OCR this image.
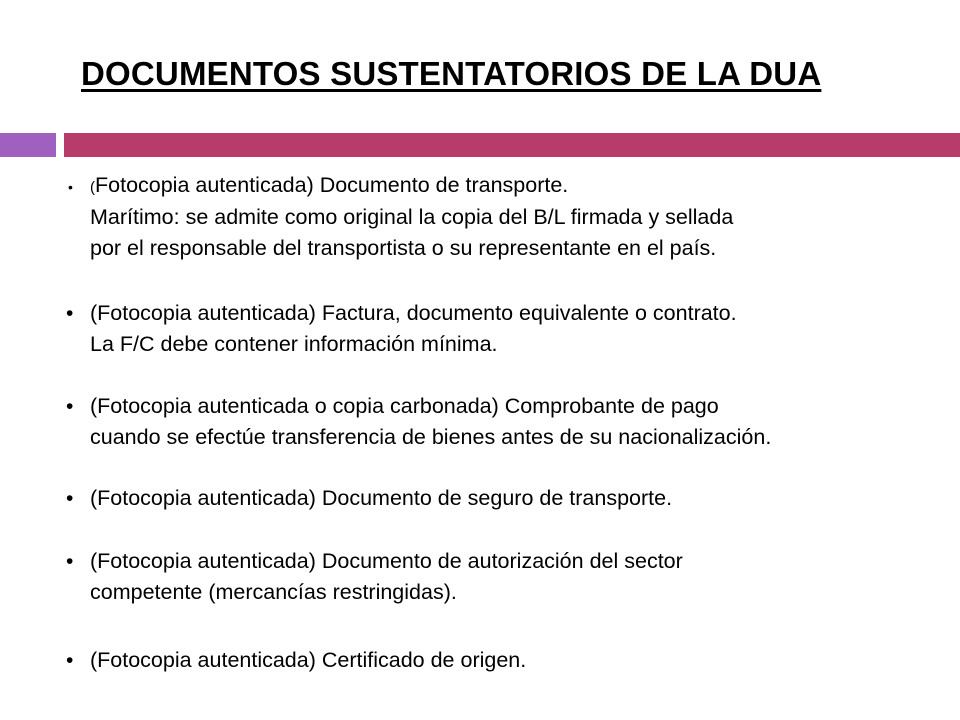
DOCUMENTOS SUSTENTATORIOS DE LA DUA
• (Fotocopia autenticada) Documento de transporte.
Marítimo: se admite como original la copia del B/L firmada y sellada
por el responsable del transportista o su representante en el país.
• (Fotocopia autenticada) Factura, documento equivalente o contrato.
La F/C debe contener información mínima.
• (Fotocopia autenticada o copia carbonada) Comprobante de pago
cuando se efectúe transferencia de bienes antes de su nacionalización.
• (Fotocopia autenticada) Documento de seguro de transporte.
• (Fotocopia autenticada) Documento de autorización del sector
competente (mercancías restringidas).
• (Fotocopia autenticada) Certificado de origen.
